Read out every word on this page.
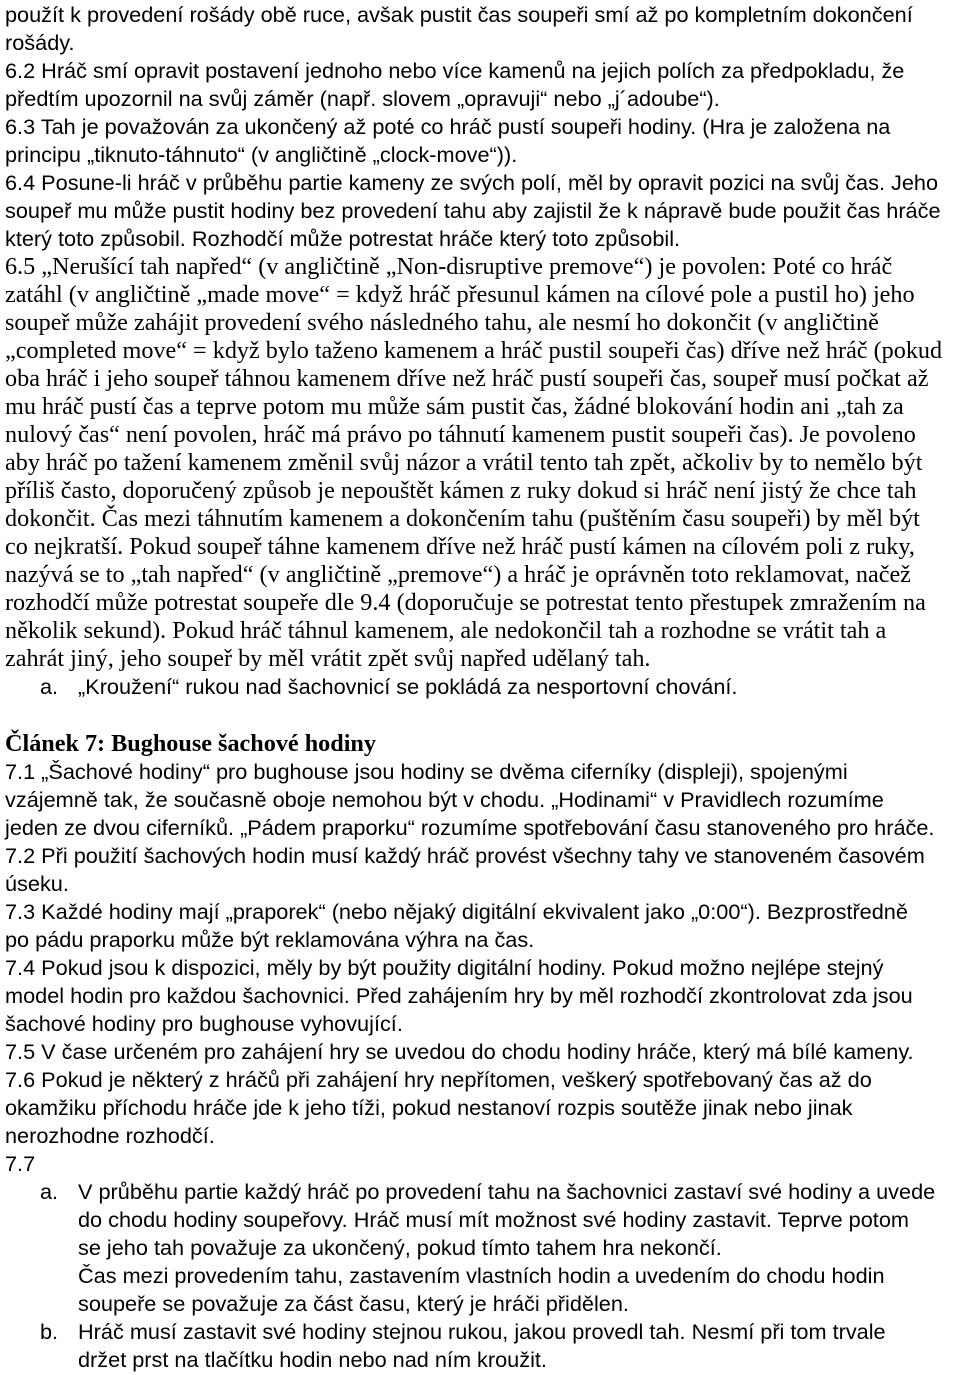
použít k provedení rošády obě ruce, avšak pustit čas soupeři smí až po kompletním dokončení
rošády.
6.2 Hráč smí opravit postavení jednoho nebo více kamenů na jejich polích za předpokladu, že
předtím upozornil na svůj záměr (např. slovem „opravuji“ nebo „j´adoube“).
6.3 Tah je považován za ukončený až poté co hráč pustí soupeři hodiny. (Hra je založena na
principu „tiknuto-táhnuto“ (v angličtině „clock-move“)).
6.4 Posune-li hráč v průběhu partie kameny ze svých polí, měl by opravit pozici na svůj čas. Jeho
soupeř mu může pustit hodiny bez provedení tahu aby zajistil že k nápravě bude použit čas hráče
který toto způsobil. Rozhodčí může potrestat hráče který toto způsobil.
6.5 „Nerušící tah napřed“ (v angličtině „Non-disruptive premove“) je povolen: Poté co hráč
zatáhl (v angličtině „made move“ = když hráč přesunul kámen na cílové pole a pustil ho) jeho
soupeř může zahájit provedení svého následného tahu, ale nesmí ho dokončit (v angličtině
„completed move“ = když bylo taženo kamenem a hráč pustil soupeři čas) dříve než hráč (pokud
oba hráč i jeho soupeř táhnou kamenem dříve než hráč pustí soupeři čas, soupeř musí počkat až
mu hráč pustí čas a teprve potom mu může sám pustit čas, žádné blokování hodin ani „tah za
nulový čas“ není povolen, hráč má právo po táhnutí kamenem pustit soupeři čas). Je povoleno
aby hráč po tažení kamenem změnil svůj názor a vrátil tento tah zpět, ačkoliv by to nemělo být
příliš často, doporučený způsob je nepouštět kámen z ruky dokud si hráč není jistý že chce tah
dokončit. Čas mezi táhnutím kamenem a dokončením tahu (puštěním času soupeři) by měl být
co nejkratší. Pokud soupeř táhne kamenem dříve než hráč pustí kámen na cílovém poli z ruky,
nazývá se to „tah napřed“ (v angličtině „premove“) a hráč je oprávněn toto reklamovat, načež
rozhodčí může potrestat soupeře dle 9.4 (doporučuje se potrestat tento přestupek zmražením na
několik sekund). Pokud hráč táhnul kamenem, ale nedokončil tah a rozhodne se vrátit tah a
zahrát jiný, jeho soupeř by měl vrátit zpět svůj napřed udělaný tah.
a. „Kroužení“ rukou nad šachovnicí se pokládá za nesportovní chování.
Článek 7: Bughouse šachové hodiny
7.1 „Šachové hodiny“ pro bughouse jsou hodiny se dvěma ciferníky (displeji), spojenými
vzájemně tak, že současně oboje nemohou být v chodu. „Hodinami“ v Pravidlech rozumíme
jeden ze dvou ciferníků. „Pádem praporku“ rozumíme spotřebování času stanoveného pro hráče.
7.2 Při použití šachových hodin musí každý hráč provést všechny tahy ve stanoveném časovém
úseku.
7.3 Každé hodiny mají „praporek“ (nebo nějaký digitální ekvivalent jako „0:00“). Bezprostředně
po pádu praporku může být reklamována výhra na čas.
7.4 Pokud jsou k dispozici, měly by být použity digitální hodiny. Pokud možno nejlépe stejný
model hodin pro každou šachovnici. Před zahájením hry by měl rozhodčí zkontrolovat zda jsou
šachové hodiny pro bughouse vyhovující.
7.5 V čase určeném pro zahájení hry se uvedou do chodu hodiny hráče, který má bílé kameny.
7.6 Pokud je některý z hráčů při zahájení hry nepřítomen, veškerý spotřebovaný čas až do
okamžiku příchodu hráče jde k jeho tíži, pokud nestanoví rozpis soutěže jinak nebo jinak
nerozhodne rozhodčí.
7.7
a. V průběhu partie každý hráč po provedení tahu na šachovnici zastaví své hodiny a uvede
do chodu hodiny soupeřovy. Hráč musí mít možnost své hodiny zastavit. Teprve potom
se jeho tah považuje za ukončený, pokud tímto tahem hra nekončí.
Čas mezi provedením tahu, zastavením vlastních hodin a uvedením do chodu hodin
soupeře se považuje za část času, který je hráči přidělen.
b. Hráč musí zastavit své hodiny stejnou rukou, jakou provedl tah. Nesmí při tom trvale
držet prst na tlačítku hodin nebo nad ním kroužit.
